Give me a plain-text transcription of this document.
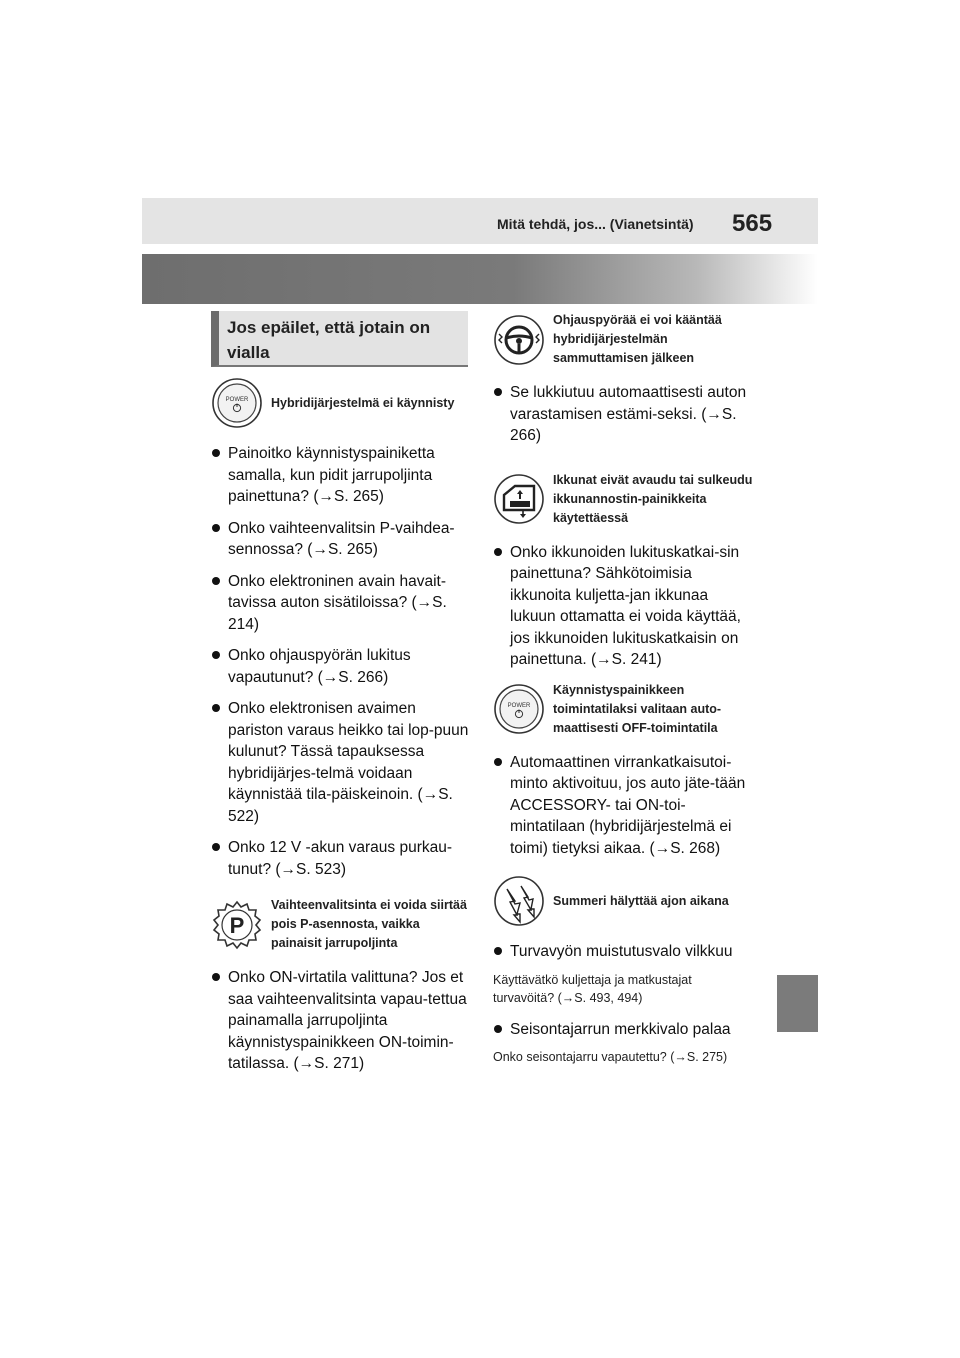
Mitä tehdä, jos... (Vianetsintä) 565
Jos epäilet, että jotain on vialla
POWER Hybridijärjestelmä ei käynnisty
Painoitko käynnistyspainiketta samalla, kun pidit jarrupoljinta painettuna? (→S. 265)
Onko vaihteenvalitsin P-vaihdea-sennossa? (→S. 265)
Onko elektroninen avain havait-tavissa auton sisätiloissa? (→S. 214)
Onko ohjauspyörän lukitus vapautunut? (→S. 266)
Onko elektronisen avaimen pariston varaus heikko tai lop-puun kulunut? Tässä tapauksessa hybridijärjes-telmä voidaan käynnistää tila-päiskeinoin. (→S. 522)
Onko 12 V -akun varaus purkau-tunut? (→S. 523)
P
Vaihteenvalitsinta ei voida siirtää pois P-asennosta, vaikka painaisit jarrupoljinta
Onko ON-virtatila valittuna? Jos et saa vaihteenvalitsinta vapau-tettua painamalla jarrupoljinta käynnistyspainikkeen ON-toimin-tatilassa. (→S. 271)
Ohjauspyörää ei voi kääntää hybridijärjestelmän sammuttamisen jälkeen
Se lukkiutuu automaattisesti auton varastamisen estämi-seksi. (→S. 266)
Ikkunat eivät avaudu tai sulkeudu ikkunannostin-painikkeita käytettäessä
Onko ikkunoiden lukituskatkai-sin painettuna? Sähkötoimisia ikkunoita kuljetta-jan ikkunaa lukuun ottamatta ei voida käyttää, jos ikkunoiden lukituskatkaisin on painettuna. (→S. 241)
POWER
Käynnistyspainikkeen toimintatilaksi valitaan auto-maattisesti OFF-toimintatila
Automaattinen virrankatkaisutoi-minto aktivoituu, jos auto jäte-tään ACCESSORY- tai ON-toi-mintatilaan (hybridijärjestelmä ei toimi) tietyksi aikaa. (→S. 268)
Summeri hälyttää ajon aikana
Turvavyön muistutusvalo vilkkuu
Käyttävätkö kuljettaja ja matkustajat turvavöitä? (→S. 493, 494)
Seisontajarrun merkkivalo palaa
Onko seisontajarru vapautettu? (→S. 275)
